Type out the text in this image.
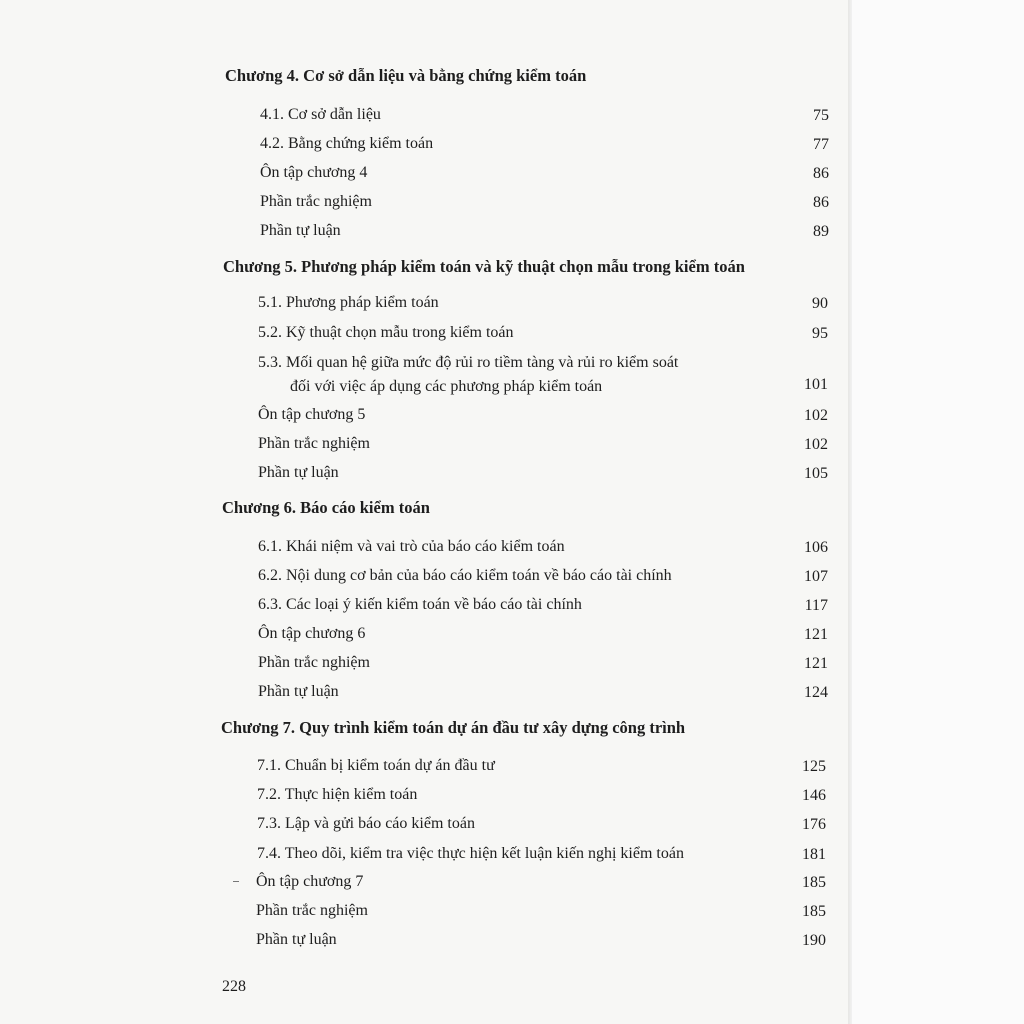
Chương 4. Cơ sở dẫn liệu và bằng chứng kiểm toán
4.1. Cơ sở dẫn liệu	75
4.2. Bằng chứng kiểm toán	77
Ôn tập chương 4	86
Phần trắc nghiệm	86
Phần tự luận	89
Chương 5. Phương pháp kiểm toán và kỹ thuật chọn mẫu trong kiểm toán
5.1. Phương pháp kiểm toán	90
5.2. Kỹ thuật chọn mẫu trong kiểm toán	95
5.3. Mối quan hệ giữa mức độ rủi ro tiềm tàng và rủi ro kiểm soát
đối với việc áp dụng các phương pháp kiểm toán	101
Ôn tập chương 5	102
Phần trắc nghiệm	102
Phần tự luận	105
Chương 6. Báo cáo kiểm toán
6.1. Khái niệm và vai trò của báo cáo kiểm toán	106
6.2. Nội dung cơ bản của báo cáo kiểm toán về báo cáo tài chính	107
6.3. Các loại ý kiến kiểm toán về báo cáo tài chính	117
Ôn tập chương 6	121
Phần trắc nghiệm	121
Phần tự luận	124
Chương 7. Quy trình kiểm toán dự án đầu tư xây dựng công trình
7.1. Chuẩn bị kiểm toán dự án đầu tư	125
7.2. Thực hiện kiểm toán	146
7.3. Lập và gửi báo cáo kiểm toán	176
7.4. Theo dõi, kiểm tra việc thực hiện kết luận kiến nghị kiểm toán	181
Ôn tập chương 7	185
Phần trắc nghiệm	185
Phần tự luận	190
228
